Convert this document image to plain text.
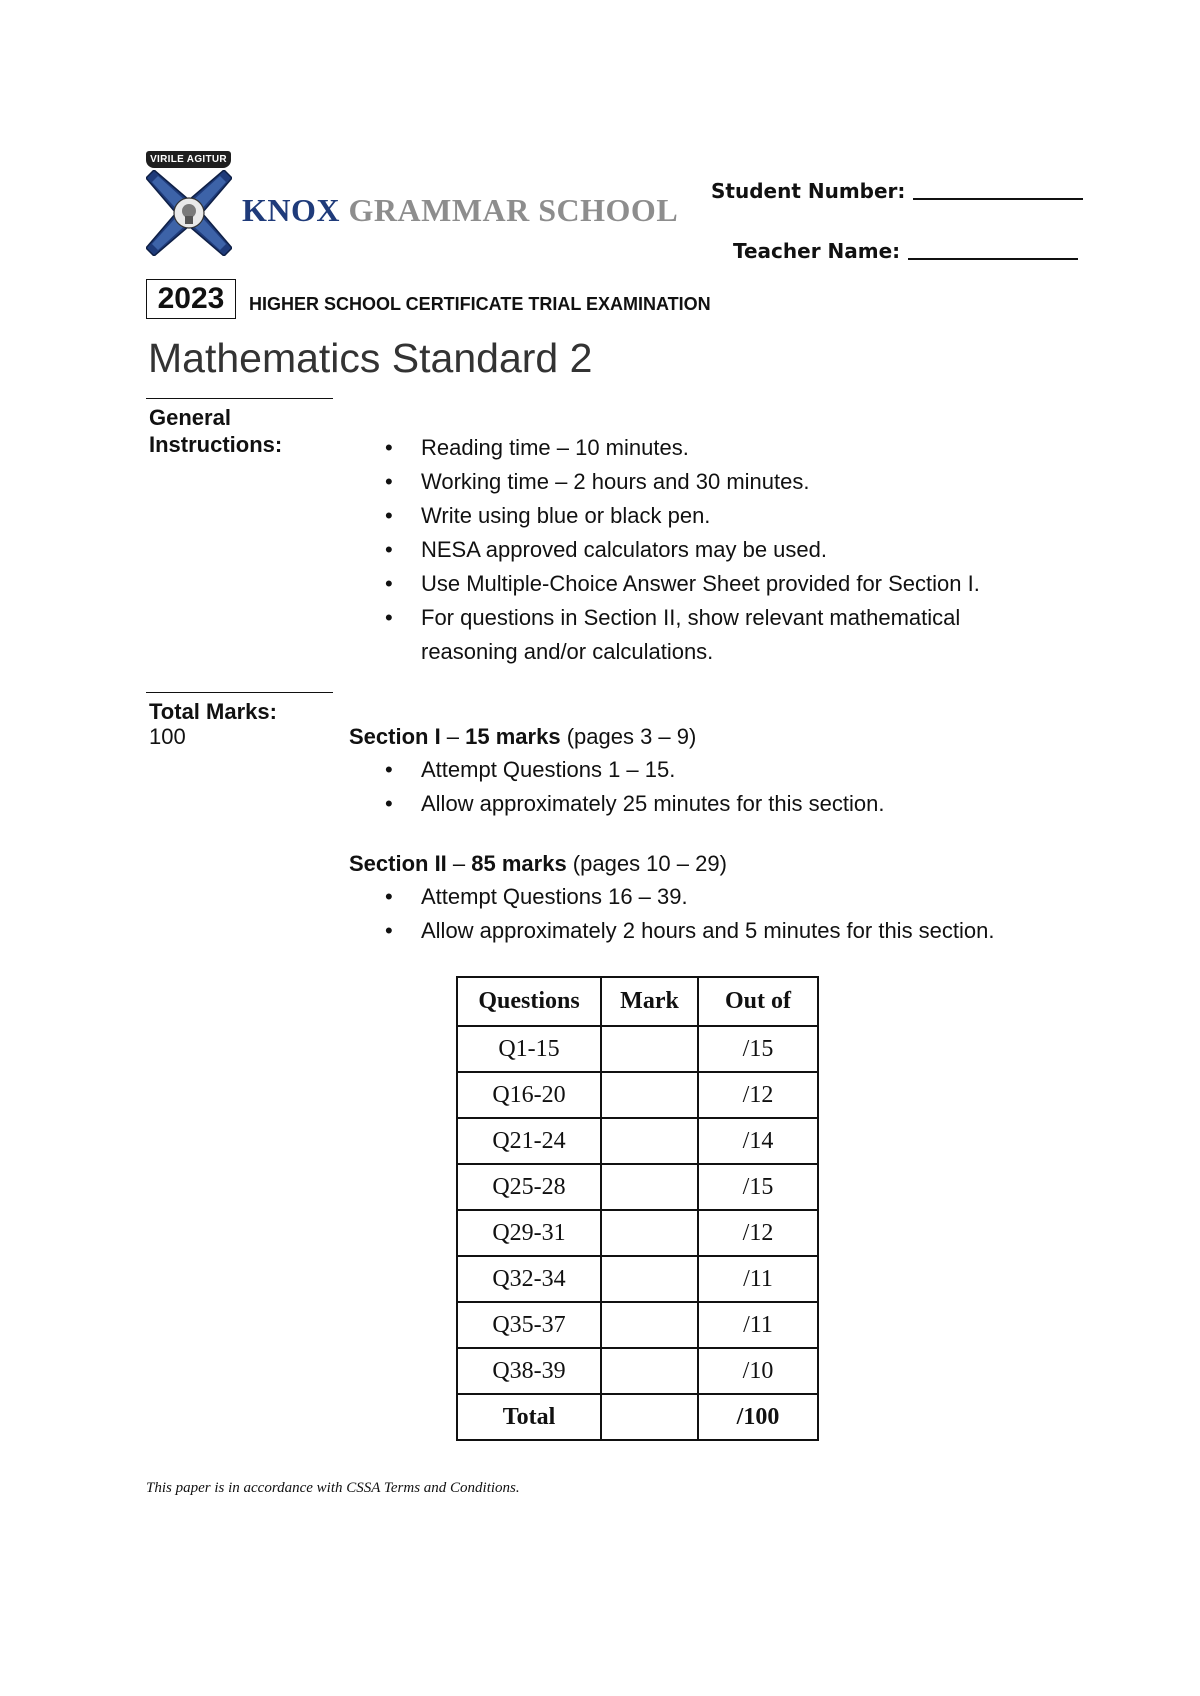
VIRILE AGITUR
KNOX GRAMMAR SCHOOL
Student Number:
Teacher Name:
2023	HIGHER SCHOOL CERTIFICATE TRIAL EXAMINATION
Mathematics Standard 2
General
Instructions:	• Reading time – 10 minutes.
• Working time – 2 hours and 30 minutes.
• Write using blue or black pen.
• NESA approved calculators may be used.
• Use Multiple-Choice Answer Sheet provided for Section I.
• For questions in Section II, show relevant mathematical
reasoning and/or calculations.
Total Marks:
100	Section I – 15 marks (pages 3 – 9)
• Attempt Questions 1 – 15.
• Allow approximately 25 minutes for this section.
Section II – 85 marks (pages 10 – 29)
• Attempt Questions 16 – 39.
• Allow approximately 2 hours and 5 minutes for this section.
Questions	Mark	Out of
Q1-15		/15
Q16-20		/12
Q21-24		/14
Q25-28		/15
Q29-31		/12
Q32-34		/11
Q35-37		/11
Q38-39		/10
Total		/100
This paper is in accordance with CSSA Terms and Conditions.
